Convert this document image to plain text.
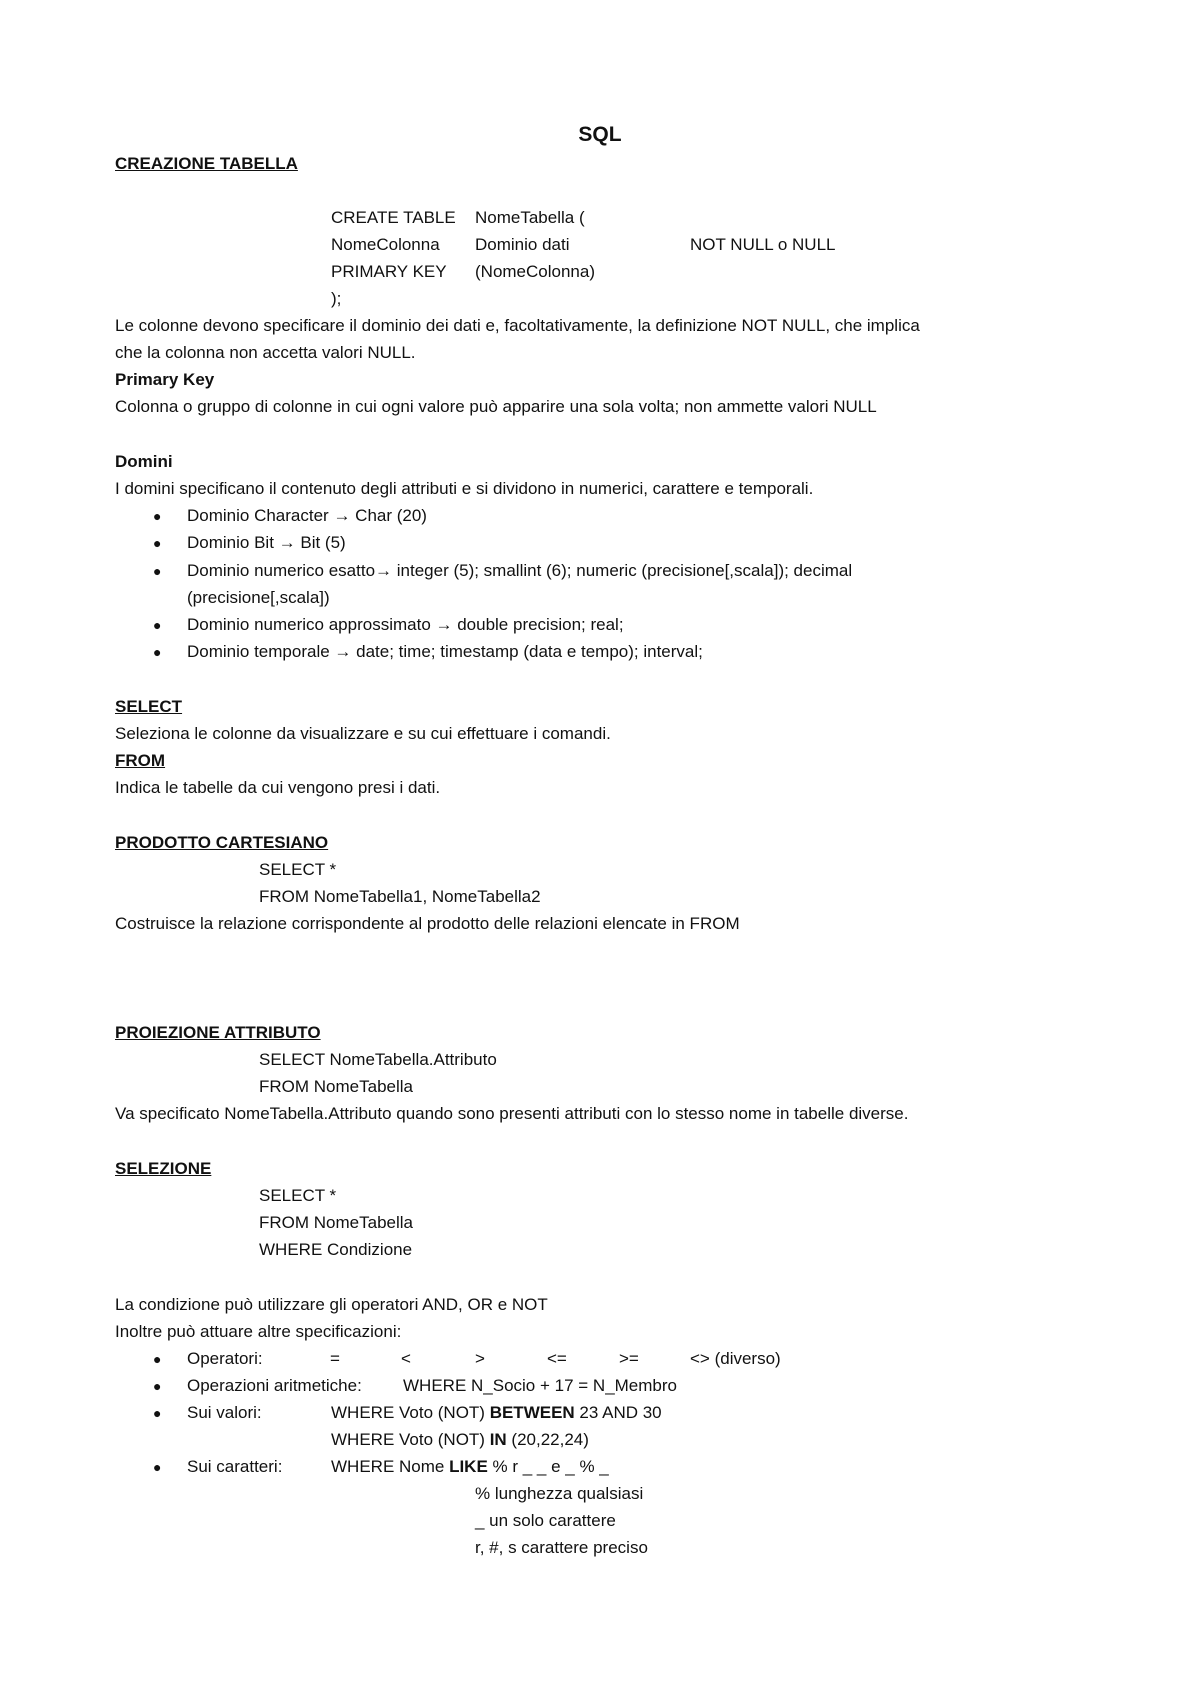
SQL
CREAZIONE TABELLA
CREATE TABLE NomeTabella (
NomeColonna Dominio dati	NOT NULL o NULL
PRIMARY KEY (NomeColonna)
);
Le colonne devono specificare il dominio dei dati e, facoltativamente, la definizione NOT NULL, che implica
che la colonna non accetta valori NULL.
Primary Key
Colonna o gruppo di colonne in cui ogni valore può apparire una sola volta; non ammette valori NULL
Domini
I domini specificano il contenuto degli attributi e si dividono in numerici, carattere e temporali.
● Dominio Character → Char (20)
● Dominio Bit → Bit (5)
● Dominio numerico esatto→ integer (5); smallint (6); numeric (precisione[,scala]); decimal
(precisione[,scala])
● Dominio numerico approssimato → double precision; real;
● Dominio temporale → date; time; timestamp (data e tempo); interval;
SELECT
Seleziona le colonne da visualizzare e su cui effettuare i comandi.
FROM
Indica le tabelle da cui vengono presi i dati.
PRODOTTO CARTESIANO
SELECT *
FROM NomeTabella1, NomeTabella2
Costruisce la relazione corrispondente al prodotto delle relazioni elencate in FROM
PROIEZIONE ATTRIBUTO
SELECT NomeTabella.Attributo
FROM NomeTabella
Va specificato NomeTabella.Attributo quando sono presenti attributi con lo stesso nome in tabelle diverse.
SELEZIONE
SELECT *
FROM NomeTabella
WHERE Condizione
La condizione può utilizzare gli operatori AND, OR e NOT
Inoltre può attuare altre specificazioni:
● Operatori:	=	<	>	<=	>=	<> (diverso)
● Operazioni aritmetiche: WHERE N_Socio + 17 = N_Membro
● Sui valori:	WHERE Voto (NOT) BETWEEN 23 AND 30
WHERE Voto (NOT) IN (20,22,24)
● Sui caratteri:	WHERE Nome LIKE % r _ _ e _ % _
% lunghezza qualsiasi
_ un solo carattere
r, #, s carattere preciso
